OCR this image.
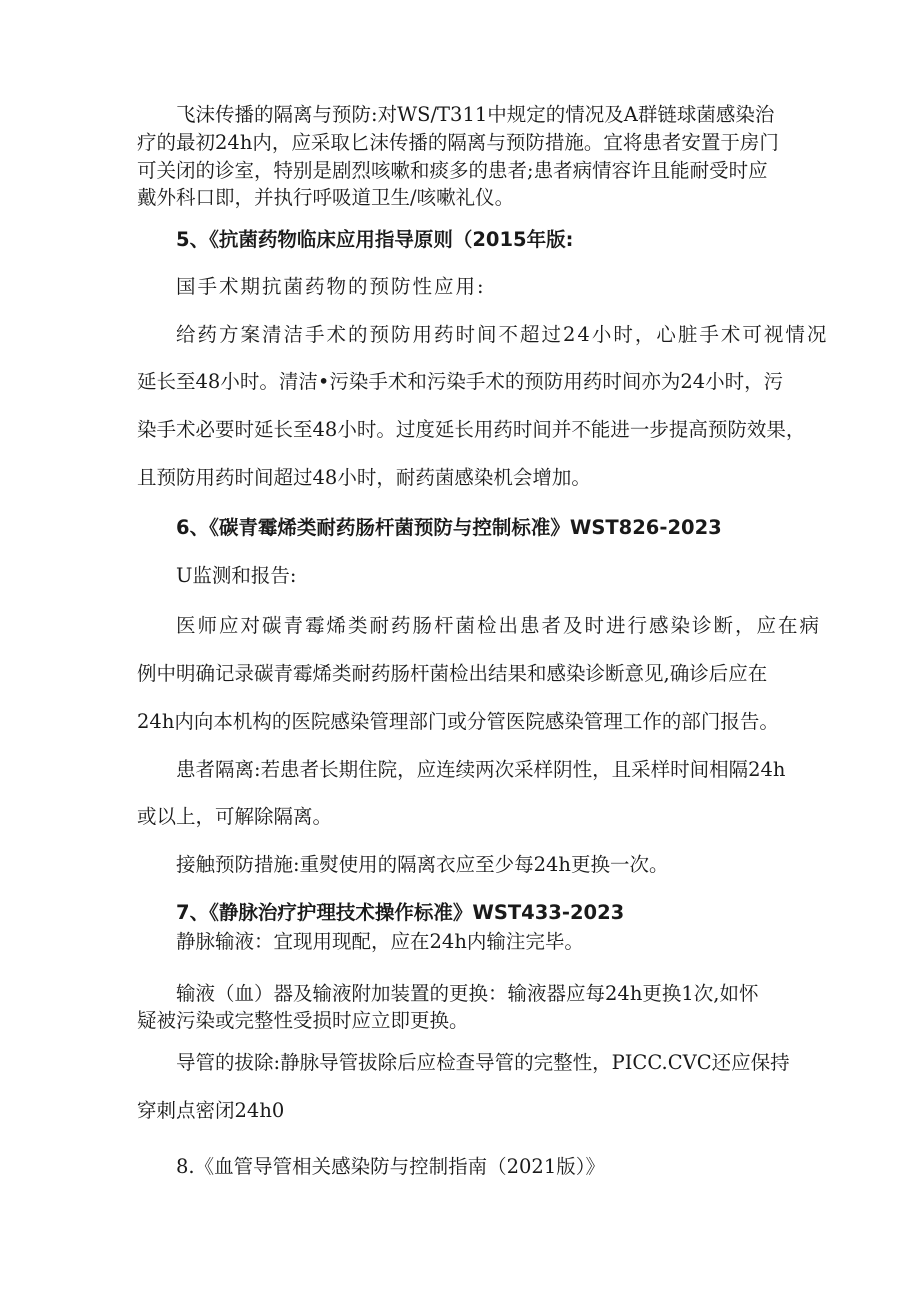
飞沫传播的隔离与预防:对WS/T311中规定的情况及A群链球菌感染治
疗的最初24h内，应采取匕沫传播的隔离与预防措施。宜将患者安置于房门
可关闭的诊室，特别是剧烈咳嗽和痰多的患者;患者病情容许且能耐受时应
戴外科口即，并执行呼吸道卫生/咳嗽礼仪。
5、《抗菌药物临床应用指导原则（2015年版:
国手术期抗菌药物的预防性应用:
给药方案清洁手术的预防用药时间不超过24小时，心脏手术可视情况
延长至48小时。清洁•污染手术和污染手术的预防用药时间亦为24小时，污
染手术必要时延长至48小时。过度延长用药时间并不能进一步提高预防效果，
且预防用药时间超过48小时，耐药菌感染机会增加。
6、《碳青霉烯类耐药肠杆菌预防与控制标准》WST826-2023
U监测和报告:
医师应对碳青霉烯类耐药肠杆菌检出患者及时进行感染诊断，应在病
例中明确记录碳青霉烯类耐药肠杆菌检出结果和感染诊断意见,确诊后应在
24h内向本机构的医院感染管理部门或分管医院感染管理工作的部门报告。
患者隔离:若患者长期住院，应连续两次采样阴性，且采样时间相隔24h
或以上，可解除隔离。
接触预防措施:重熨使用的隔离衣应至少每24h更换一次。
7、《静脉治疗护理技术操作标准》WST433-2023
静脉输液：宜现用现配，应在24h内输注完毕。
输液（血）器及输液附加装置的更换：输液器应每24h更换1次,如怀
疑被污染或完整性受损时应立即更换。
导管的拔除:静脉导管拔除后应检查导管的完整性，PICC.CVC还应保持
穿刺点密闭24h0
8.《血管导管相关感染防与控制指南（2021版）》
